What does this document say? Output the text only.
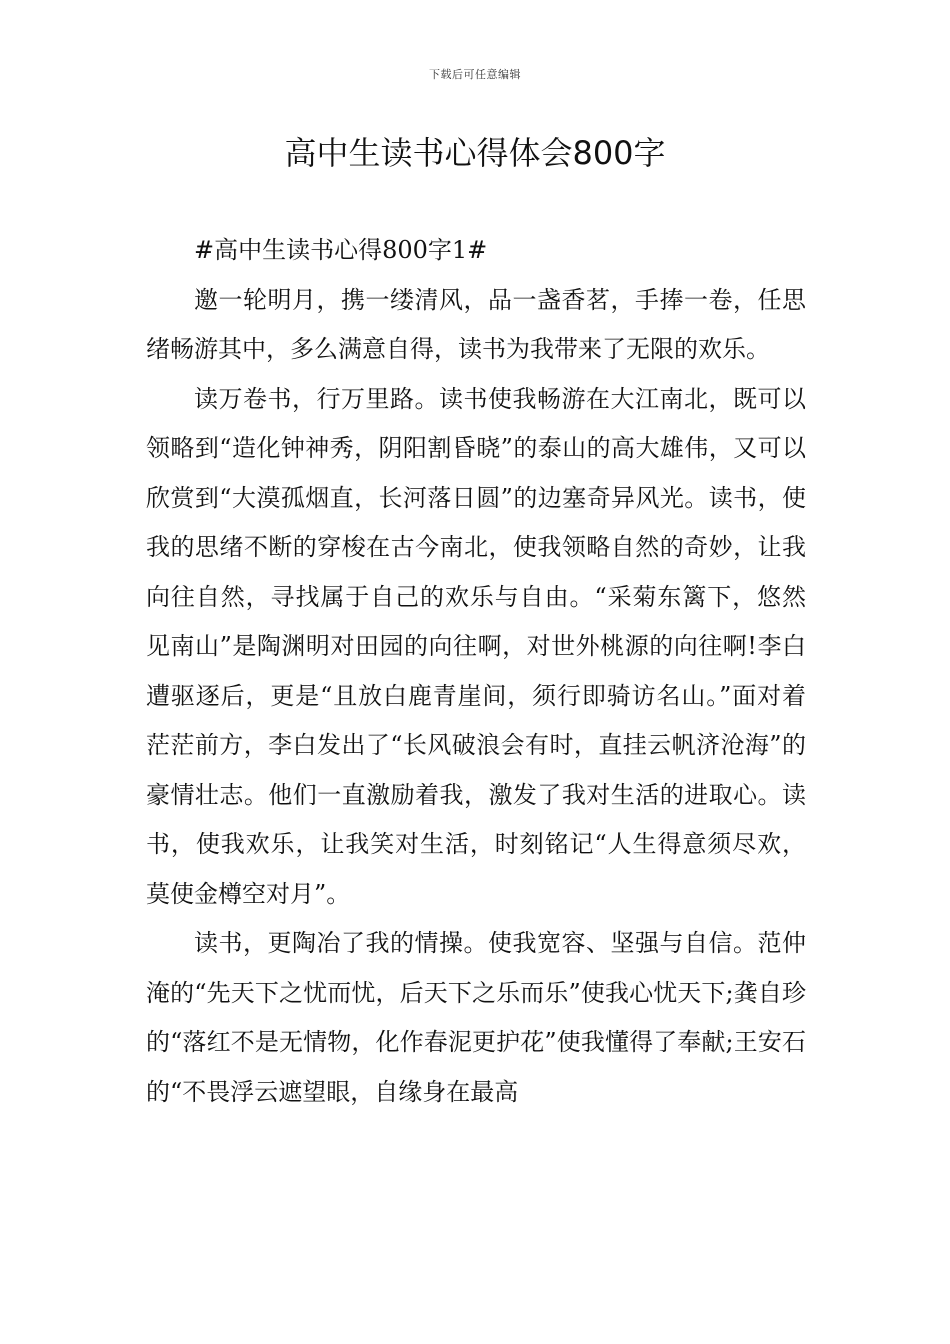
下载后可任意编辑
高中生读书心得体会800字

#高中生读书心得800字1#

邀一轮明月，携一缕清风，品一盏香茗，手捧一卷，任思绪畅游其中，多么满意自得，读书为我带来了无限的欢乐。

读万卷书，行万里路。读书使我畅游在大江南北，既可以领略到“造化钟神秀，阴阳割昏晓”的泰山的高大雄伟，又可以欣赏到“大漠孤烟直，长河落日圆”的边塞奇异风光。读书，使我的思绪不断的穿梭在古今南北，使我领略自然的奇妙，让我向往自然，寻找属于自己的欢乐与自由。“采菊东篱下，悠然见南山”是陶渊明对田园的向往啊，对世外桃源的向往啊!李白遭驱逐后，更是“且放白鹿青崖间，须行即骑访名山。”面对着茫茫前方，李白发出了“长风破浪会有时，直挂云帆济沧海”的豪情壮志。他们一直激励着我，激发了我对生活的进取心。读书，使我欢乐，让我笑对生活，时刻铭记“人生得意须尽欢，莫使金樽空对月”。

读书，更陶冶了我的情操。使我宽容、坚强与自信。范仲淹的“先天下之忧而忧，后天下之乐而乐”使我心忧天下;龚自珍的“落红不是无情物，化作春泥更护花”使我懂得了奉献;王安石的“不畏浮云遮望眼，自缘身在最高
